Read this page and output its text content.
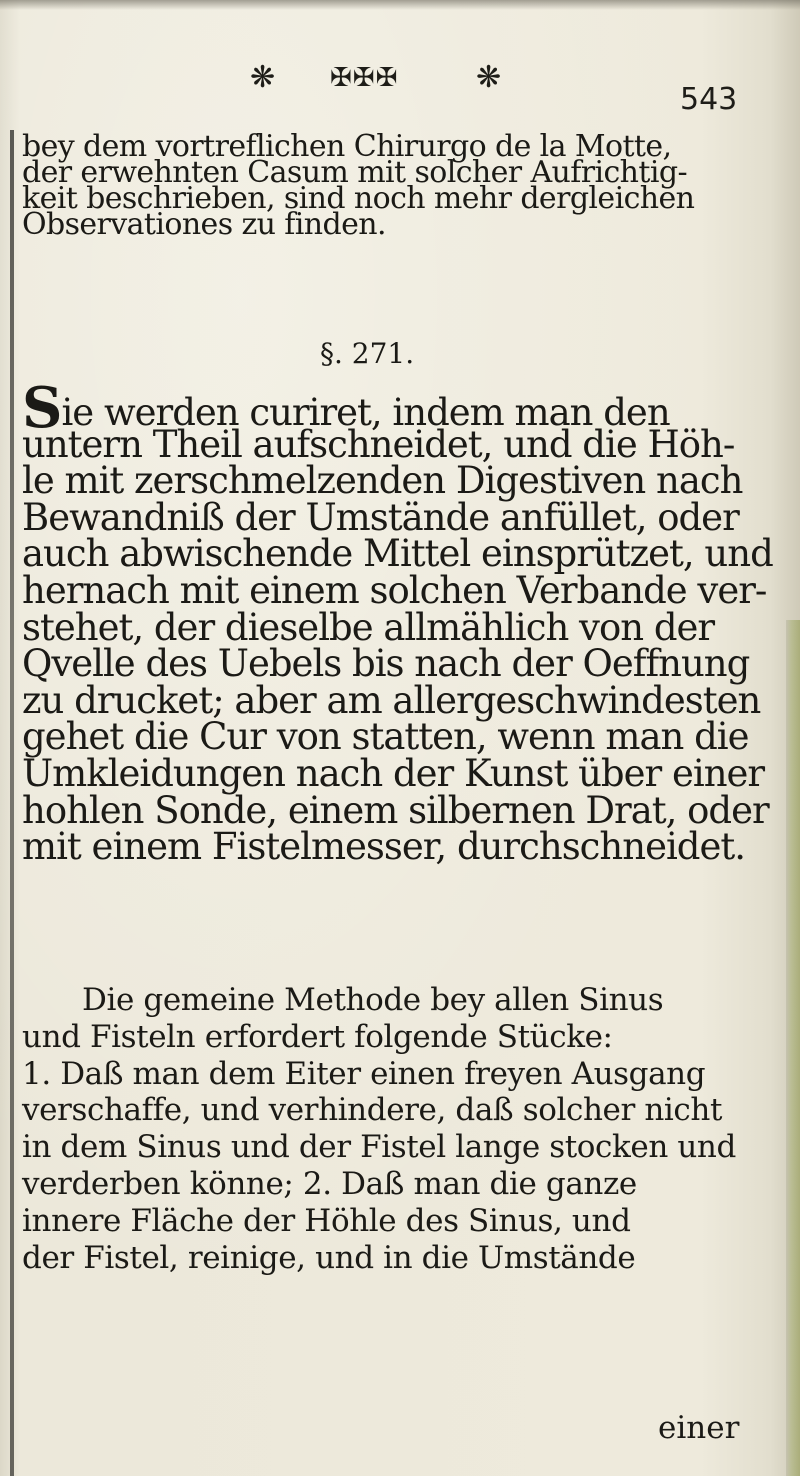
❋ ✠✠✠	❋
543
bey dem vortreflichen Chirurgo de la Motte,
der erwehnten Casum mit solcher Aufrichtig-
keit beschrieben, sind noch mehr dergleichen
Observationes zu finden.
§. 271.
Sie werden curiret, indem man den
untern Theil aufschneidet, und die Höh-
le mit zerschmelzenden Digestiven nach
Bewandniß der Umstände anfüllet, oder
auch abwischende Mittel einsprützet, und
hernach mit einem solchen Verbande ver-
stehet, der dieselbe allmählich von der
Qvelle des Uebels bis nach der Oeffnung
zu drucket; aber am allergeschwindesten
gehet die Cur von statten, wenn man die
Umkleidungen nach der Kunst über einer
hohlen Sonde, einem silbernen Drat, oder
mit einem Fistelmesser, durchschneidet.
Die gemeine Methode bey allen Sinus
und Fisteln erfordert folgende Stücke:
1. Daß man dem Eiter einen freyen Ausgang
verschaffe, und verhindere, daß solcher nicht
in dem Sinus und der Fistel lange stocken und
verderben könne; 2. Daß man die ganze
innere Fläche der Höhle des Sinus, und
der Fistel, reinige, und in die Umstände
einer
